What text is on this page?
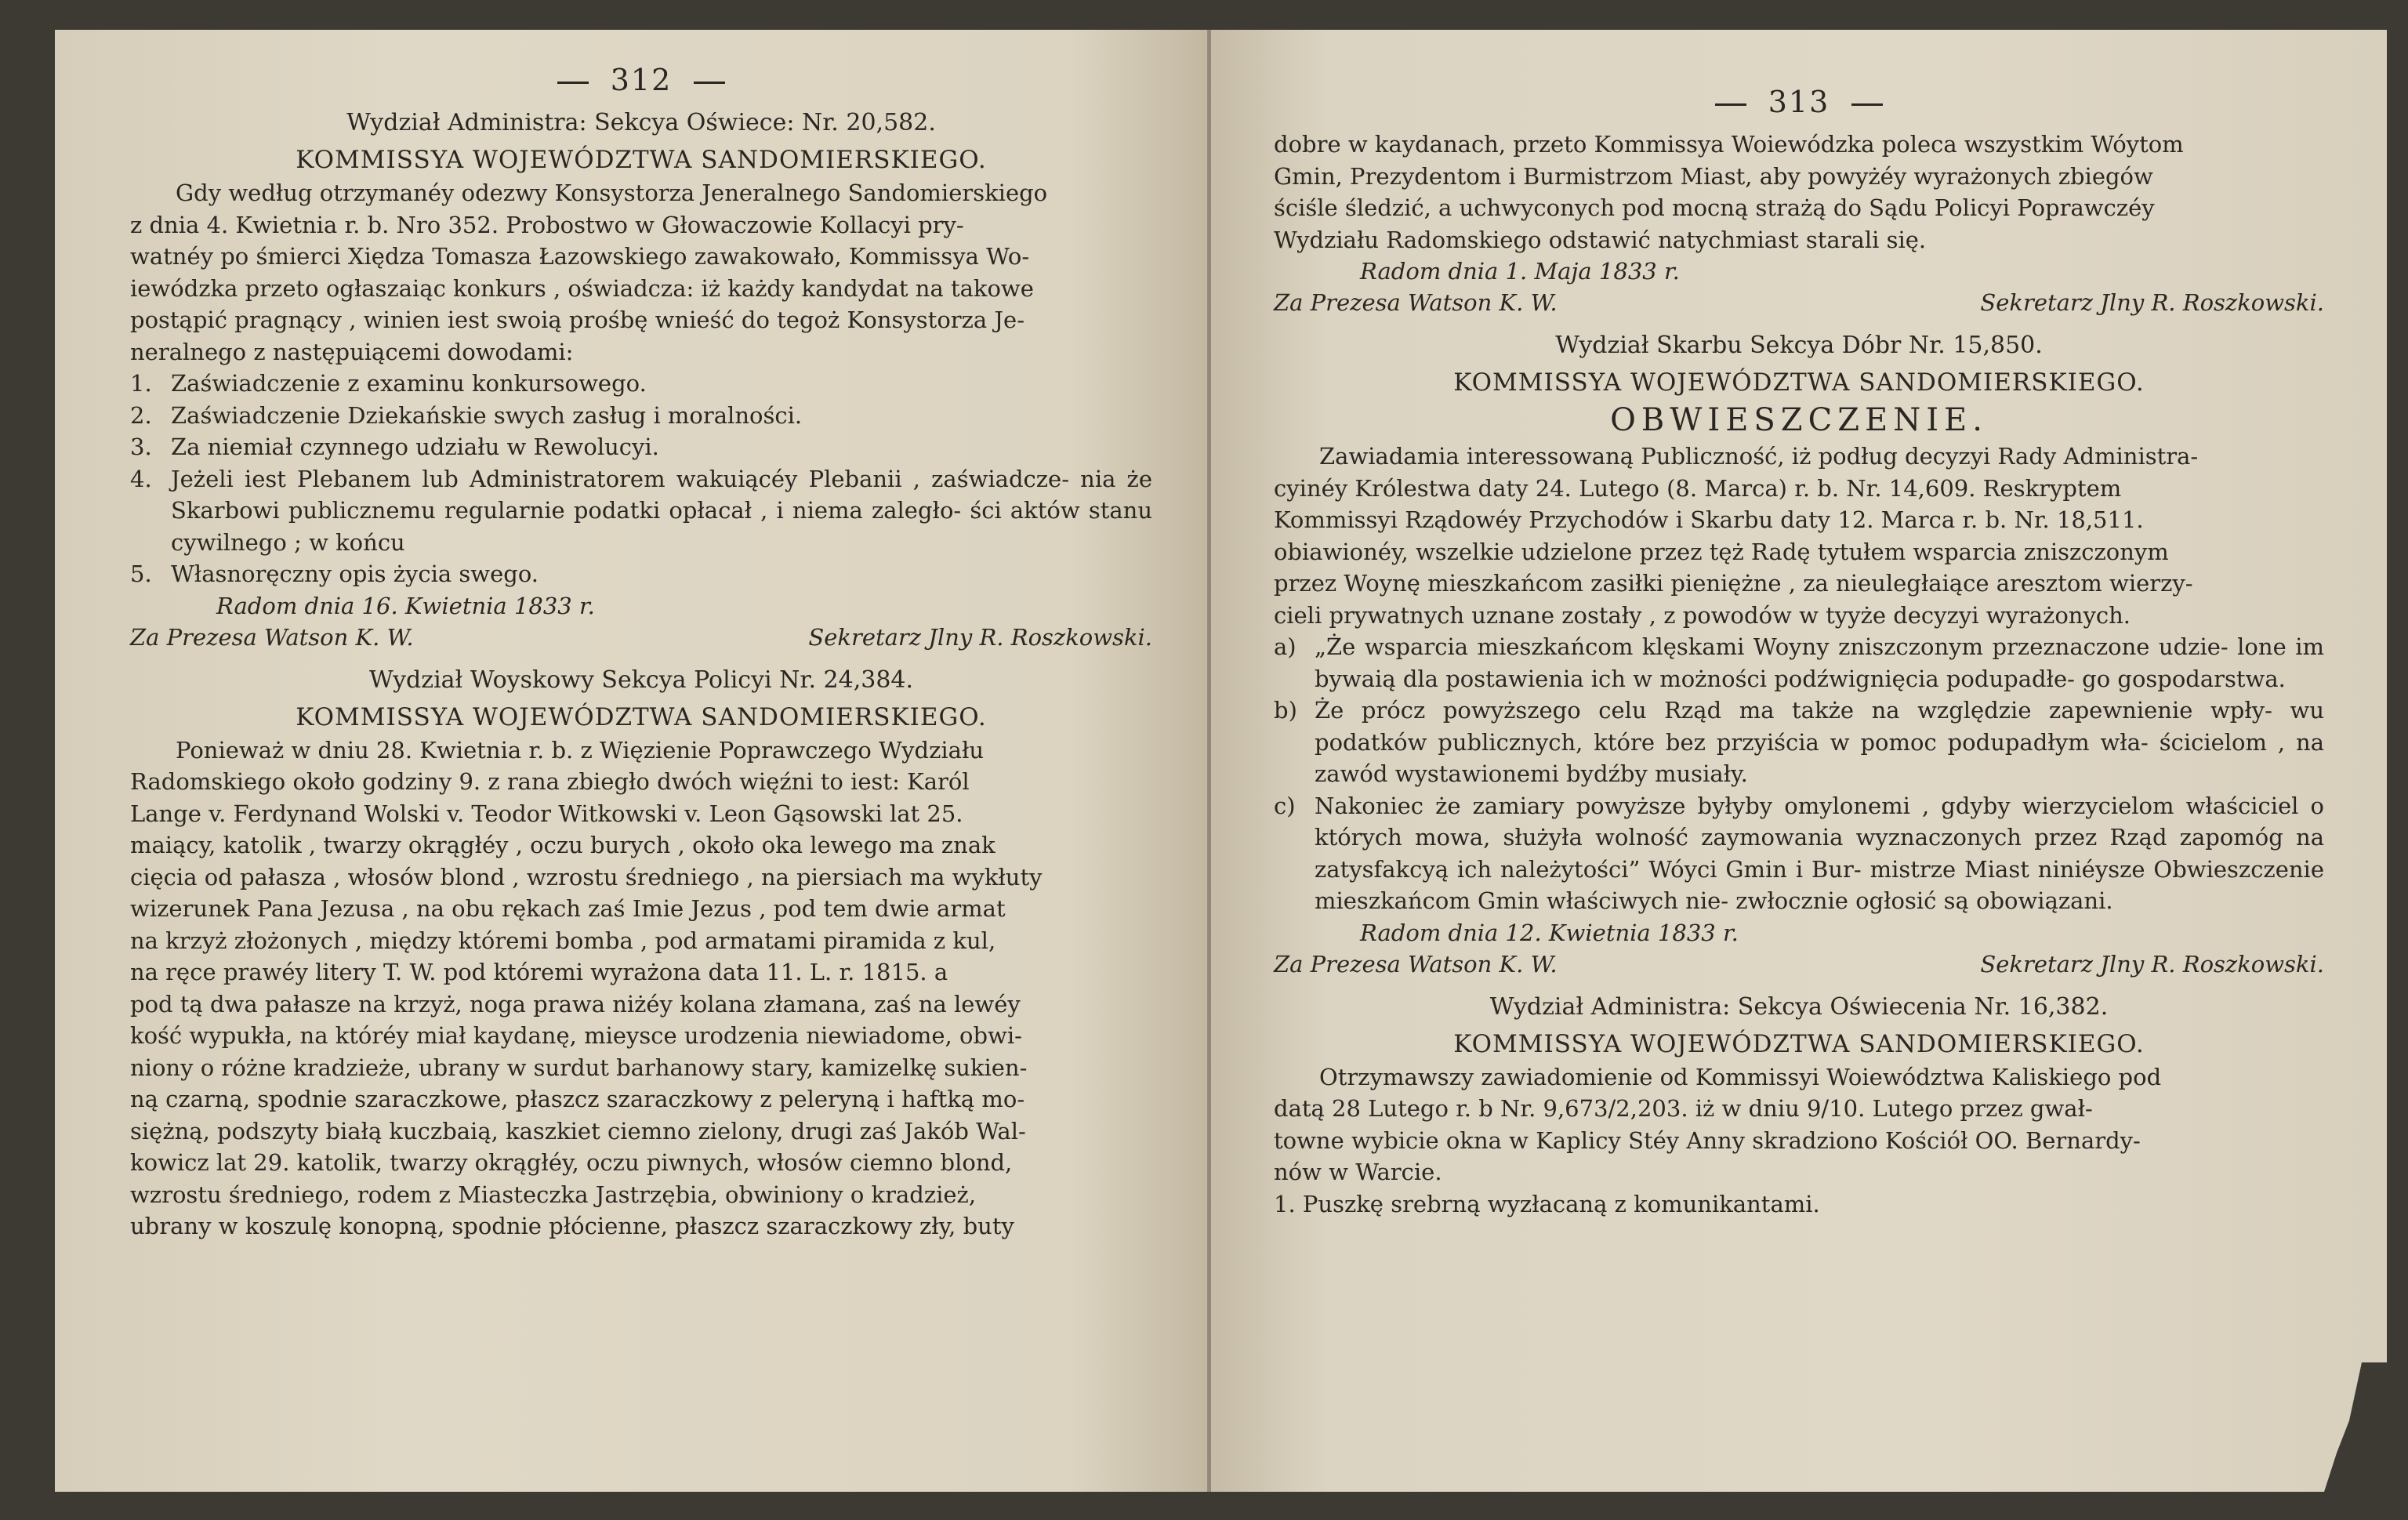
312

Wydział Administra: Sekcya Oświece: Nr. 20,582.

KOMMISSYA WOJEWÓDZTWA SANDOMIERSKIEGO.

Gdy według otrzymanéy odezwy Konsystorza Jeneralnego Sandomierskiego
z dnia 4. Kwietnia r. b. Nro 352. Probostwo w Głowaczowie Kollacyi pry-
watnéy po śmierci Xiędza Tomasza Łazowskiego zawakowało, Kommissya Wo-
iewódzka przeto ogłaszaiąc konkurs , oświadcza: iż każdy kandydat na takowe
postąpić pragnący , winien iest swoią prośbę wnieść do tegoż Konsystorza Je-
neralnego z następuiącemi dowodami:
1. Zaświadczenie z examinu konkursowego.
2. Zaświadczenie Dziekańskie swych zasług i moralności.
3. Za niemiał czynnego udziału w Rewolucyi.
4. Jeżeli iest Plebanem lub Administratorem wakuiącéy Plebanii , zaświadcze- nia że Skarbowi publicznemu regularnie podatki opłacał , i niema zaległo- ści aktów stanu cywilnego ; w końcu
5. Własnoręczny opis życia swego.

Radom dnia 16. Kwietnia 1833 r.

Za Prezesa Watson K. W.	Sekretarz Jlny R. Roszkowski.

Wydział Woyskowy Sekcya Policyi Nr. 24,384.

KOMMISSYA WOJEWÓDZTWA SANDOMIERSKIEGO.

Ponieważ w dniu 28. Kwietnia r. b. z Więzienie Poprawczego Wydziału
Radomskiego około godziny 9. z rana zbiegło dwóch więźni to iest: Karól
Lange v. Ferdynand Wolski v. Teodor Witkowski v. Leon Gąsowski lat 25.
maiący, katolik , twarzy okrągłéy , oczu burych , około oka lewego ma znak
cięcia od pałasza , włosów blond , wzrostu średniego , na piersiach ma wykłuty
wizerunek Pana Jezusa , na obu rękach zaś Imie Jezus , pod tem dwie armat
na krzyż złożonych , między któremi bomba , pod armatami piramida z kul,
na ręce prawéy litery T. W. pod któremi wyrażona data 11. L. r. 1815. a
pod tą dwa pałasze na krzyż, noga prawa niżéy kolana złamana, zaś na lewéy
kość wypukła, na któréy miał kaydanę, mieysce urodzenia niewiadome, obwi-
niony o różne kradzieże, ubrany w surdut barhanowy stary, kamizelkę sukien-
ną czarną, spodnie szaraczkowe, płaszcz szaraczkowy z peleryną i haftką mo-
siężną, podszyty białą kuczbaią, kaszkiet ciemno zielony, drugi zaś Jakób Wal-
kowicz lat 29. katolik, twarzy okrągłéy, oczu piwnych, włosów ciemno blond,
wzrostu średniego, rodem z Miasteczka Jastrzębia, obwiniony o kradzież,
ubrany w koszulę konopną, spodnie płócienne, płaszcz szaraczkowy zły, buty
313
dobre w kaydanach, przeto Kommissya Woiewódzka poleca wszystkim Wóytom
Gmin, Prezydentom i Burmistrzom Miast, aby powyżéy wyrażonych zbiegów
ściśle śledzić, a uchwyconych pod mocną strażą do Sądu Policyi Poprawczéy
Wydziału Radomskiego odstawić natychmiast starali się.

Radom dnia 1. Maja 1833 r.

Za Prezesa Watson K. W.	Sekretarz Jlny R. Roszkowski.

Wydział Skarbu Sekcya Dóbr Nr. 15,850.

KOMMISSYA WOJEWÓDZTWA SANDOMIERSKIEGO.

OBWIESZCZENIE.

Zawiadamia interessowaną Publiczność, iż podług decyzyi Rady Administra-
cyinéy Królestwa daty 24. Lutego (8. Marca) r. b. Nr. 14,609. Reskryptem
Kommissyi Rządowéy Przychodów i Skarbu daty 12. Marca r. b. Nr. 18,511.
obiawionéy, wszelkie udzielone przez tęż Radę tytułem wsparcia zniszczonym
przez Woynę mieszkańcom zasiłki pieniężne , za nieuległaiące aresztom wierzy-
cieli prywatnych uznane zostały , z powodów w tyyże decyzyi wyrażonych.
a) „Że wsparcia mieszkańcom klęskami Woyny zniszczonym przeznaczone udzie- lone im bywaią dla postawienia ich w możności podźwignięcia podupadłe- go gospodarstwa.
b) Że prócz powyższego celu Rząd ma także na względzie zapewnienie wpły- wu podatków publicznych, które bez przyiścia w pomoc podupadłym wła- ścicielom , na zawód wystawionemi bydźby musiały.
c) Nakoniec że zamiary powyższe byłyby omylonemi , gdyby wierzycielom właściciel o których mowa, służyła wolność zaymowania wyznaczonych przez Rząd zapomóg na zatysfakcyą ich należytości” Wóyci Gmin i Bur- mistrze Miast niniéysze Obwieszczenie mieszkańcom Gmin właściwych nie- zwłocznie ogłosić są obowiązani.

Radom dnia 12. Kwietnia 1833 r.

Za Prezesa Watson K. W.	Sekretarz Jlny R. Roszkowski.

Wydział Administra: Sekcya Oświecenia Nr. 16,382.

KOMMISSYA WOJEWÓDZTWA SANDOMIERSKIEGO.

Otrzymawszy zawiadomienie od Kommissyi Woiewództwa Kaliskiego pod
datą 28 Lutego r. b Nr. 9,673/2,203. iż w dniu 9/10. Lutego przez gwał-
towne wybicie okna w Kaplicy Stéy Anny skradziono Kościół OO. Bernardy-
nów w Warcie.
1. Puszkę srebrną wyzłacaną z komunikantami.
